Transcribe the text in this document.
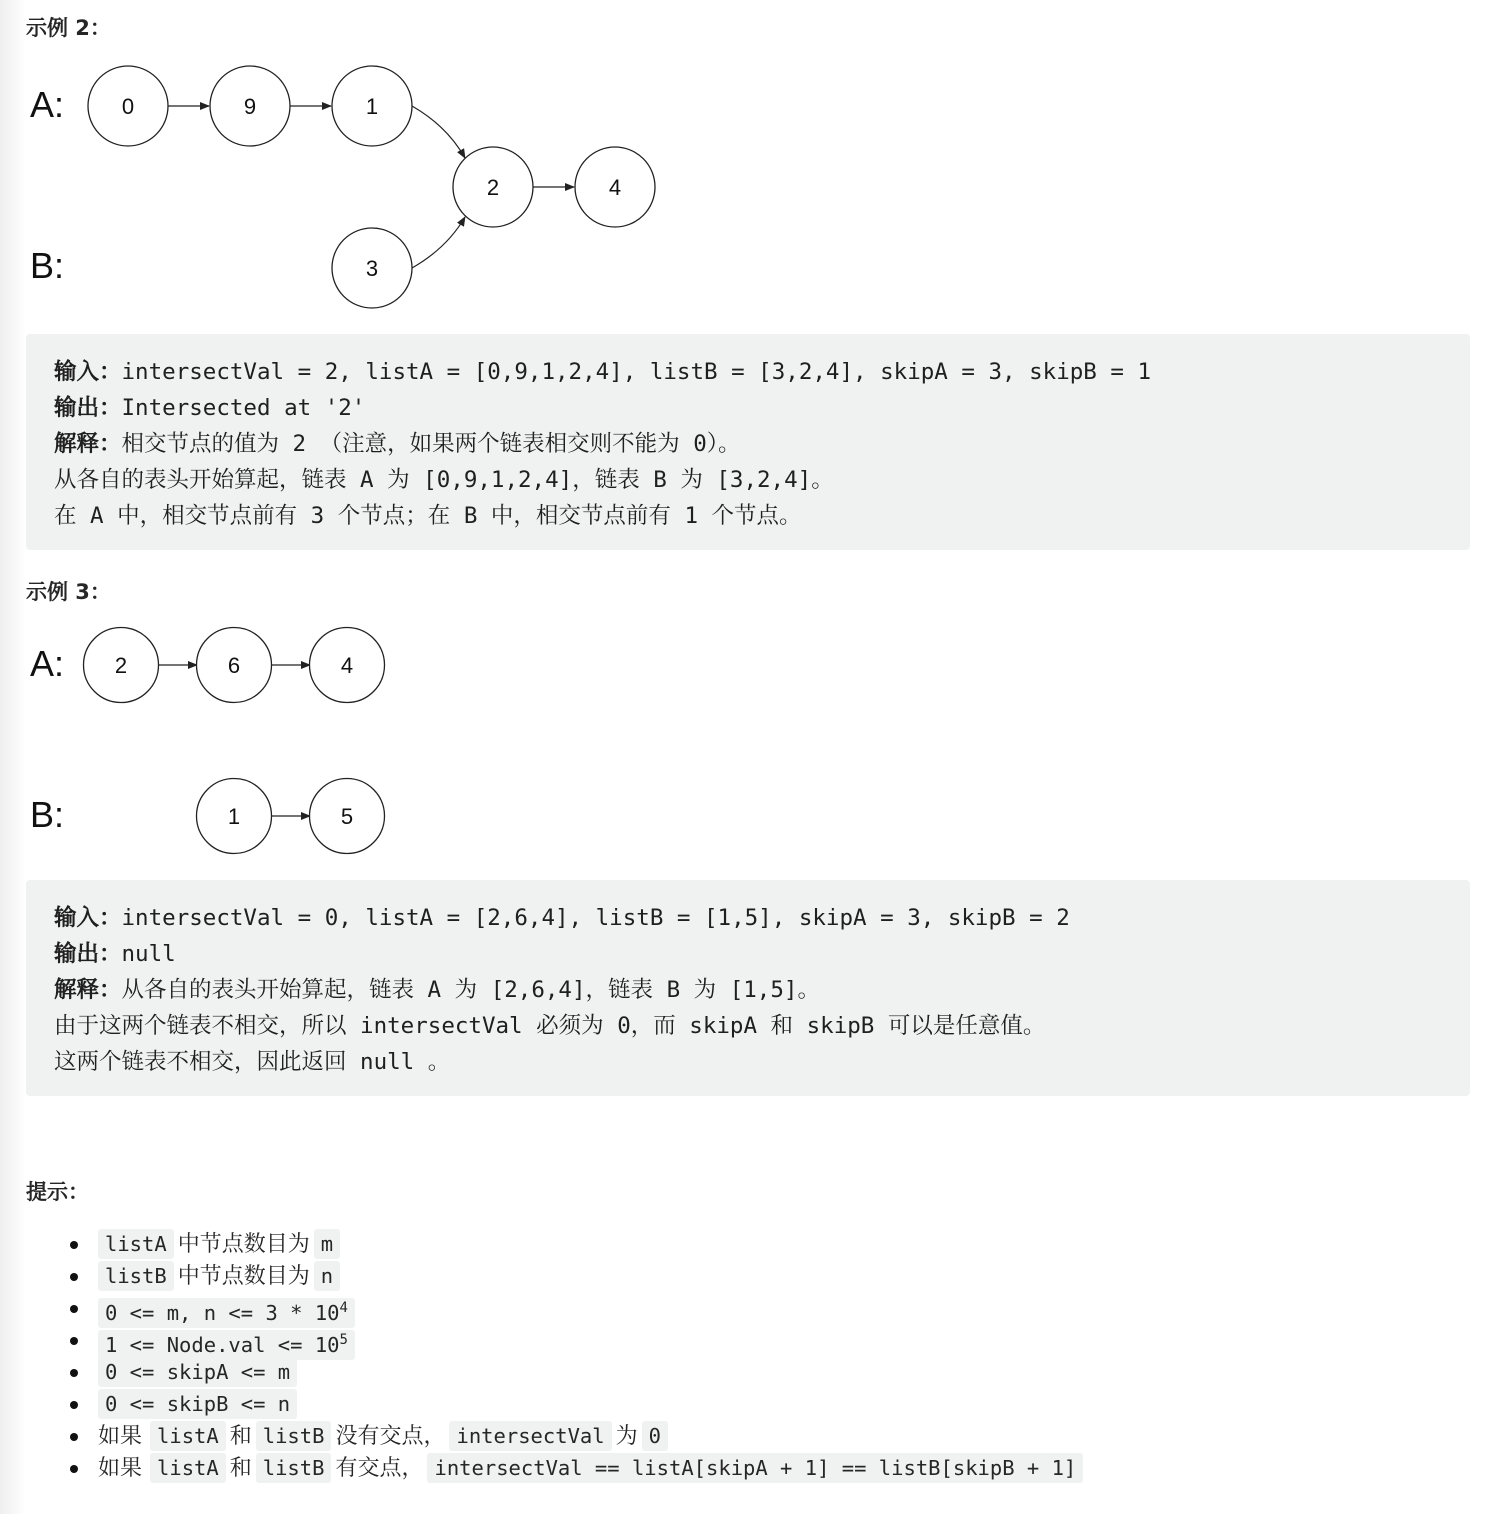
示例 2：
A:
B:
0	9	1
2	4
3
输入：intersectVal = 2, listA = [0,9,1,2,4], listB = [3,2,4], skipA = 3, skipB = 1
输出：Intersected at '2'
解释：相交节点的值为 2 （注意，如果两个链表相交则不能为 0）。
从各自的表头开始算起，链表 A 为 [0,9,1,2,4]，链表 B 为 [3,2,4]。
在 A 中，相交节点前有 3 个节点；在 B 中，相交节点前有 1 个节点。
示例 3：
A:
B:
2	6	4
1	5
输入：intersectVal = 0, listA = [2,6,4], listB = [1,5], skipA = 3, skipB = 2
输出：null
解释：从各自的表头开始算起，链表 A 为 [2,6,4]，链表 B 为 [1,5]。
由于这两个链表不相交，所以 intersectVal 必须为 0，而 skipA 和 skipB 可以是任意值。
这两个链表不相交，因此返回 null 。
提示：
listA 中节点数目为 m
listB 中节点数目为 n
0 <= m, $n <= 3 * 10^4$
1 <= Node.val <= $10^5$
0 <= skipA <= m
0 <= skipB <= n
如果 listA 和 listB 没有交点， intersectVal 为 0
如果 listA 和 listB 有交点， intersectVal == listA[skipA + 1] == listB[skipB + 1]
